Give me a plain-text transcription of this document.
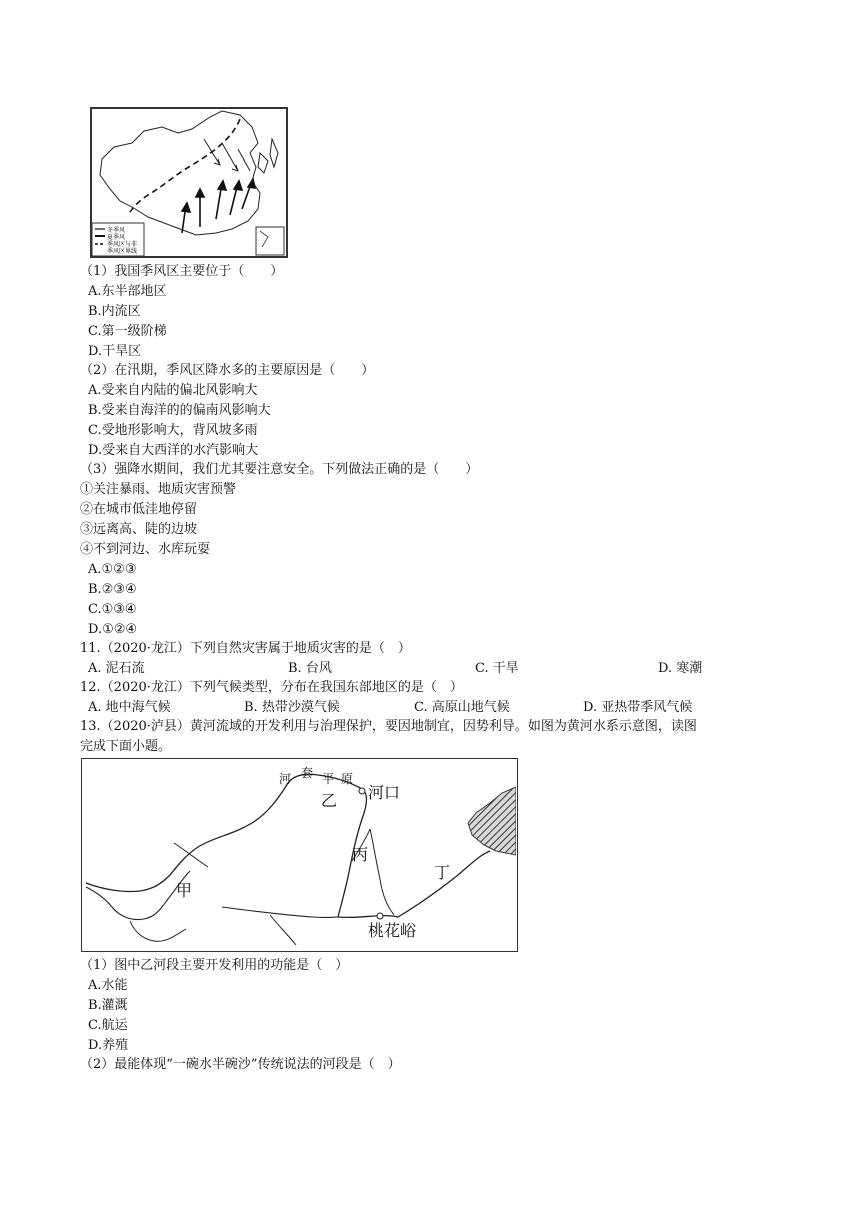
冬季风
夏季风
季风区与非
季风区界线
（1）我国季风区主要位于（　　）
A.东半部地区
B.内流区
C.第一级阶梯
D.干旱区
（2）在汛期，季风区降水多的主要原因是（　　）
A.受来自内陆的偏北风影响大
B.受来自海洋的的偏南风影响大
C.受地形影响大，背风坡多雨
D.受来自大西洋的水汽影响大
（3）强降水期间，我们尤其要注意安全。下列做法正确的是（　　）
①关注暴雨、地质灾害预警
②在城市低洼地停留
③远离高、陡的边坡
④不到河边、水库玩耍
A.①②③
B.②③④
C.①③④
D.①②④
11.（2020·龙江）下列自然灾害属于地质灾害的是（　）
A. 泥石流	B. 台风	C. 干旱	D. 寒潮
12.（2020·龙江）下列气候类型，分布在我国东部地区的是（　）
A. 地中海气候	B. 热带沙漠气候	C. 高原山地气候	D. 亚热带季风气候
13.（2020·泸县）黄河流域的开发利用与治理保护，要因地制宜，因势利导。如图为黄河水系示意图，读图
完成下面小题。
河 套 平 原
乙 河口
丙
丁
甲
桃花峪
（1）图中乙河段主要开发利用的功能是（　）
A.水能
B.灌溉
C.航运
D.养殖
（2）最能体现“一碗水半碗沙”传统说法的河段是（　）
